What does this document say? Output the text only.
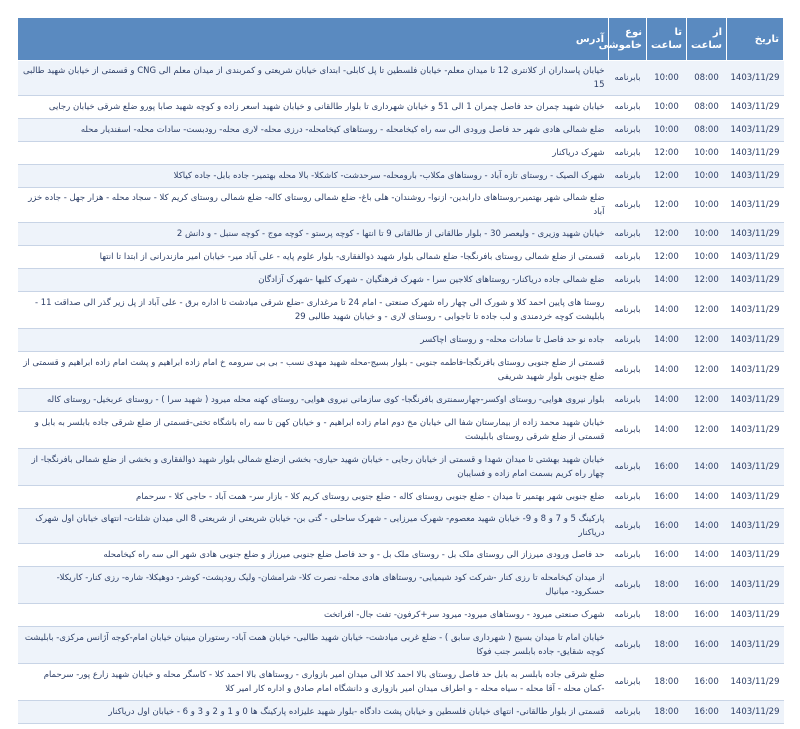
تاریخ	از ساعت	تا ساعت	نوع خاموشی	آدرس
1403/11/29	08:00	10:00	بابرنامه	خیابان پاسداران از کلانتری 12 تا میدان معلم- خیابان فلسطین تا پل کابلی- ابتدای خیابان شریعتی و کمربندی از میدان معلم الی CNG و قسمتی از خیابان شهید طالبی 15
1403/11/29	08:00	10:00	بابرنامه	خیابان شهید چمران حد فاصل چمران 1 الی 51 و خیابان شهرداری تا بلوار طالقانی و خیابان شهید اسعر زاده و کوچه شهید صابا پورو ضلع شرقی خیابان رجایی
1403/11/29	08:00	10:00	بابرنامه	ضلع شمالی هادی شهر حد فاصل ورودی الی سه راه کیخامحله - روستاهای کیخامحله- درزی محله- لاری محله- رودبست- سادات محله- اسفندیار محله
1403/11/29	10:00	12:00	بابرنامه	شهرک دریاکنار
1403/11/29	10:00	12:00	بابرنامه	شهرک الصیک - روستای تازه آباد - روستاهای مکلاب- بارومحله- سرحدشت- کاشکلا- بالا محله بهتمیر- جاده بابل- جاده کیاکلا
1403/11/29	10:00	12:00	بابرنامه	ضلع شمالی شهر بهتمیر-روستاهای دارابدین- ازنوا- روشندان- هلی باغ- ضلع شمالی روستای کاله- ضلع شمالی روستای کریم کلا - سجاد محله - هزار جهل - جاده خزر آباد
1403/11/29	10:00	12:00	بابرنامه	خیابان شهید وزیری - ولیعصر 30 - بلوار طالقانی از طالقانی 9 تا انتها - کوچه پرستو - کوچه موج - کوچه سنبل - و دانش 2
1403/11/29	10:00	12:00	بابرنامه	قسمتی از ضلع شمالی روستای بافرنگجا- ضلع شمالی بلوار شهید ذوالفقاری- بلوار علوم پایه - علی آباد میر- خیابان امیر مازندرانی از ابتدا تا انتها
1403/11/29	12:00	14:00	بابرنامه	ضلع شمالی جاده دریاکنار- روستاهای کلاجین سرا - شهرک فرهنگیان - شهرک کلیها -شهرک آزادگان
1403/11/29	12:00	14:00	بابرنامه	روستا های پایین احمد کلا و شورک الی چهار راه شهرک صنعتی - امام 24 تا مرغداری -ضلع شرقی میادشت تا اداره برق - علی آباد از پل زیر گذر الی صداقت 11 - بابلیشت کوچه خردمندی و لب جاده تا تاجوابی - روستای لاری - و خیابان شهید طالبی 29
1403/11/29	12:00	14:00	بابرنامه	جاده نو حد فاصل تا سادات محله- و روستای اچاکسر
1403/11/29	12:00	14:00	بابرنامه	قسمتی از ضلع جنوبی روستای بافرنگجا-فاطمه جنوبی - بلوار بسیج-محله شهید مهدی نسب - بی بی سرومه خ امام زاده ابراهیم و پشت امام زاده ابراهیم و قسمتی از ضلع جنوبی بلوار شهید شریفی
1403/11/29	12:00	14:00	بابرنامه	بلوار نیروی هوایی- روستای اوکسر-جهارسمنتری بافرنگجا- کوی سازمانی نیروی هوایی- روستای کهنه محله میرود ( شهید سرا ) - روستای عربخیل- روستای کاله
1403/11/29	12:00	14:00	بابرنامه	خیابان شهید محمد زاده از بیمارستان شفا الی خیابان مخ دوم امام زاده ابراهیم - و خیابان کهن تا سه راه باشگاه تختی-قسمتی از ضلع شرقی جاده بابلسر به بابل و قسمتی از ضلع شرقی روستای بابلیشت
1403/11/29	14:00	16:00	بابرنامه	خیابان شهید بهشتی تا میدان شهدا و قسمتی از خیابان رجایی - خیابان شهید حیاری- بخشی ازضلع شمالی بلوار شهید ذوالفقاری و بخشی از ضلع شمالی بافرنگجا- از چهار راه کریم بسمت امام زاده و فسایبان
1403/11/29	14:00	16:00	بابرنامه	ضلع جنوبی شهر بهتمیر تا میدان - ضلع جنوبی روستای کاله - ضلع جنوبی روستای کریم کلا - بازار سر- همت آباد - حاجی کلا - سرحمام
1403/11/29	14:00	16:00	بابرنامه	پارکینگ 5 و 7 و 8 و 9- خیابان شهید معصوم- شهرک میرزایی - شهرک ساحلی - گتی بن- خیابان شریعتی از شریعتی 8 الی میدان شلتات- انتهای خیابان اول شهرک دریاکنار
1403/11/29	14:00	16:00	بابرنامه	حد فاصل ورودی میرزاز الی روستای ملک بل - روستای ملک بل - و حد فاصل ضلع جنوبی میرزاز و ضلع جنوبی هادی شهر الی سه راه کیخامحله
1403/11/29	16:00	18:00	بابرنامه	از میدان کیخامحله تا رزی کنار -شرکت کود شیمیایی- روستاهای هادی محله- نصرت کلا- شرامشان- ولیک رودپشت- کوشر- دوهیکلا- شاره- رزی کنار- کاریکلا- حسکرود- میانیال
1403/11/29	16:00	18:00	بابرنامه	شهرک صنعتی میرود - روستاهای میرود- میرود سر+کرفون- تفت جال- افراتخت
1403/11/29	16:00	18:00	بابرنامه	خیابان امام تا میدان بسیج ( شهرداری سابق ) - ضلع غربی میادشت- خیابان شهید طالبی- خیابان همت آباد- رستوران مینیان خیابان امام-کوجه آژانس مرکزی- بابلیشت کوچه شقایق- جاده بابلسر جنب فوکا
1403/11/29	16:00	18:00	بابرنامه	ضلع شرقی جاده بابلسر به بابل حد فاصل روستای بالا احمد کلا الی میدان امیر بازواری - روستاهای بالا احمد کلا - کاسگر محله و خیابان شهید زارع پور- سرحمام -کمان محله - آقا محله - سیاه محله - و اطراف میدان امیر بازواری و دانشگاه امام صادق و اداره کار امیر کلا
1403/11/29	16:00	18:00	بابرنامه	قسمتی از بلوار طالقانی- انتهای خیابان فلسطین و خیابان پشت دادگاه -بلوار شهید علیزاده پارکینگ ها 0 و 1 و 2 و 3 و 6 - خیابان اول دریاکنار
